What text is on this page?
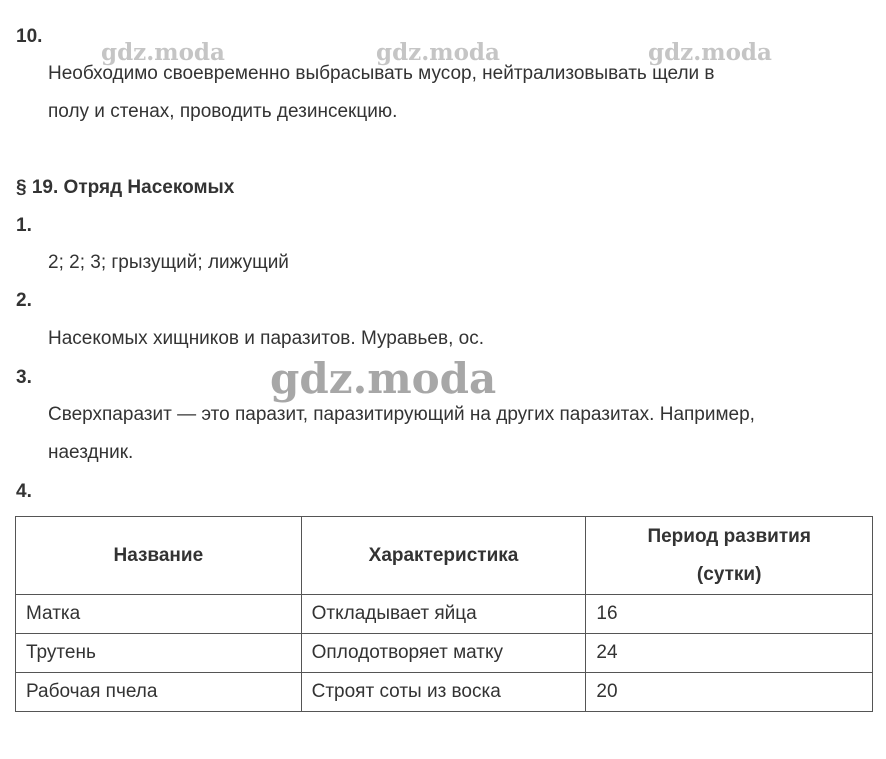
gdz.moda	gdz.moda	gdz.moda
gdz.moda
10.
Необходимо своевременно выбрасывать мусор, нейтрализовывать щели в
полу и стенах, проводить дезинсекцию.
§ 19. Отряд Насекомых
1.
2; 2; 3; грызущий; лижущий
2.
Насекомых хищников и паразитов. Муравьев, ос.
3.
Сверхпаразит — это паразит, паразитирующий на других паразитах. Например,
наездник.
4.
Название	Характеристика	Период развития
(сутки)

Матка	Откладывает яйца	16
Трутень	Оплодотворяет матку	24
Рабочая пчела	Строят соты из воска	20
